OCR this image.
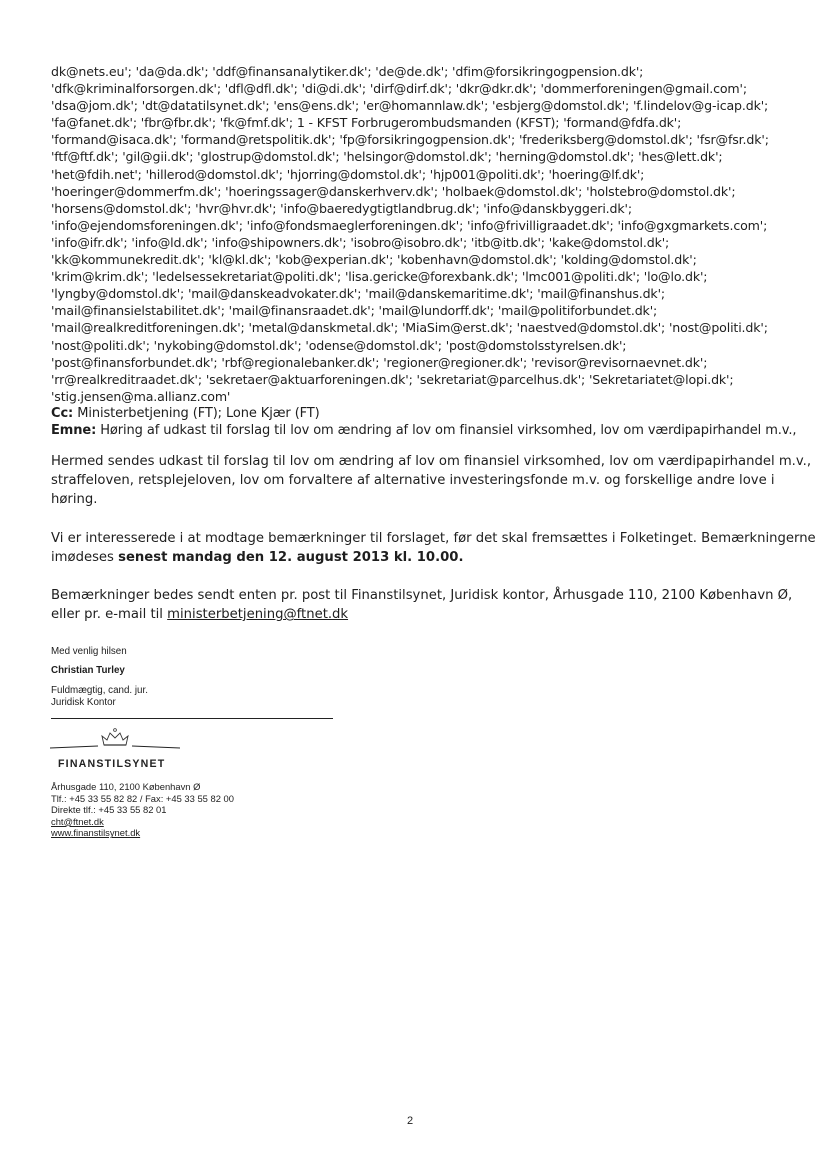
dk@nets.eu'; 'da@da.dk'; 'ddf@finansanalytiker.dk'; 'de@de.dk'; 'dfim@forsikringogpension.dk';
'dfk@kriminalforsorgen.dk'; 'dfl@dfl.dk'; 'di@di.dk'; 'dirf@dirf.dk'; 'dkr@dkr.dk'; 'dommerforeningen@gmail.com';
'dsa@jom.dk'; 'dt@datatilsynet.dk'; 'ens@ens.dk'; 'er@homannlaw.dk'; 'esbjerg@domstol.dk'; 'f.lindelov@g-icap.dk';
'fa@fanet.dk'; 'fbr@fbr.dk'; 'fk@fmf.dk'; 1 - KFST Forbrugerombudsmanden (KFST); 'formand@fdfa.dk';
'formand@isaca.dk'; 'formand@retspolitik.dk'; 'fp@forsikringogpension.dk'; 'frederiksberg@domstol.dk'; 'fsr@fsr.dk';
'ftf@ftf.dk'; 'gil@gii.dk'; 'glostrup@domstol.dk'; 'helsingor@domstol.dk'; 'herning@domstol.dk'; 'hes@lett.dk';
'het@fdih.net'; 'hillerod@domstol.dk'; 'hjorring@domstol.dk'; 'hjp001@politi.dk'; 'hoering@lf.dk';
'hoeringer@dommerfm.dk'; 'hoeringssager@danskerhverv.dk'; 'holbaek@domstol.dk'; 'holstebro@domstol.dk';
'horsens@domstol.dk'; 'hvr@hvr.dk'; 'info@baeredygtigtlandbrug.dk'; 'info@danskbyggeri.dk';
'info@ejendomsforeningen.dk'; 'info@fondsmaeglerforeningen.dk'; 'info@frivilligraadet.dk'; 'info@gxgmarkets.com';
'info@ifr.dk'; 'info@ld.dk'; 'info@shipowners.dk'; 'isobro@isobro.dk'; 'itb@itb.dk'; 'kake@domstol.dk';
'kk@kommunekredit.dk'; 'kl@kl.dk'; 'kob@experian.dk'; 'kobenhavn@domstol.dk'; 'kolding@domstol.dk';
'krim@krim.dk'; 'ledelsessekretariat@politi.dk'; 'lisa.gericke@forexbank.dk'; 'lmc001@politi.dk'; 'lo@lo.dk';
'lyngby@domstol.dk'; 'mail@danskeadvokater.dk'; 'mail@danskemaritime.dk'; 'mail@finanshus.dk';
'mail@finansielstabilitet.dk'; 'mail@finansraadet.dk'; 'mail@lundorff.dk'; 'mail@politiforbundet.dk';
'mail@realkreditforeningen.dk'; 'metal@danskmetal.dk'; 'MiaSim@erst.dk'; 'naestved@domstol.dk'; 'nost@politi.dk';
'nost@politi.dk'; 'nykobing@domstol.dk'; 'odense@domstol.dk'; 'post@domstolsstyrelsen.dk';
'post@finansforbundet.dk'; 'rbf@regionalebanker.dk'; 'regioner@regioner.dk'; 'revisor@revisornaevnet.dk';
'rr@realkreditraadet.dk'; 'sekretaer@aktuarforeningen.dk'; 'sekretariat@parcelhus.dk'; 'Sekretariatet@lopi.dk';
'stig.jensen@ma.allianz.com'
Cc: Ministerbetjening (FT); Lone Kjær (FT)
Emne: Høring af udkast til forslag til lov om ændring af lov om finansiel virksomhed, lov om værdipapirhandel m.v.,

Hermed sendes udkast til forslag til lov om ændring af lov om finansiel virksomhed, lov om værdipapirhandel m.v.,
straffeloven, retsplejeloven, lov om forvaltere af alternative investeringsfonde m.v. og forskellige andre love i
høring.

Vi er interesserede i at modtage bemærkninger til forslaget, før det skal fremsættes i Folketinget. Bemærkningerne
imødeses senest mandag den 12. august 2013 kl. 10.00.

Bemærkninger bedes sendt enten pr. post til Finanstilsynet, Juridisk kontor, Århusgade 110, 2100 København Ø,
eller pr. e-mail til ministerbetjening@ftnet.dk

Med venlig hilsen
Christian Turley
Fuldmægtig, cand. jur.
Juridisk Kontor
FINANSTILSYNET
Århusgade 110, 2100 København Ø
Tlf.: +45 33 55 82 82 / Fax: +45 33 55 82 00
Direkte tlf.: +45 33 55 82 01
cht@ftnet.dk
www.finanstilsynet.dk
2
